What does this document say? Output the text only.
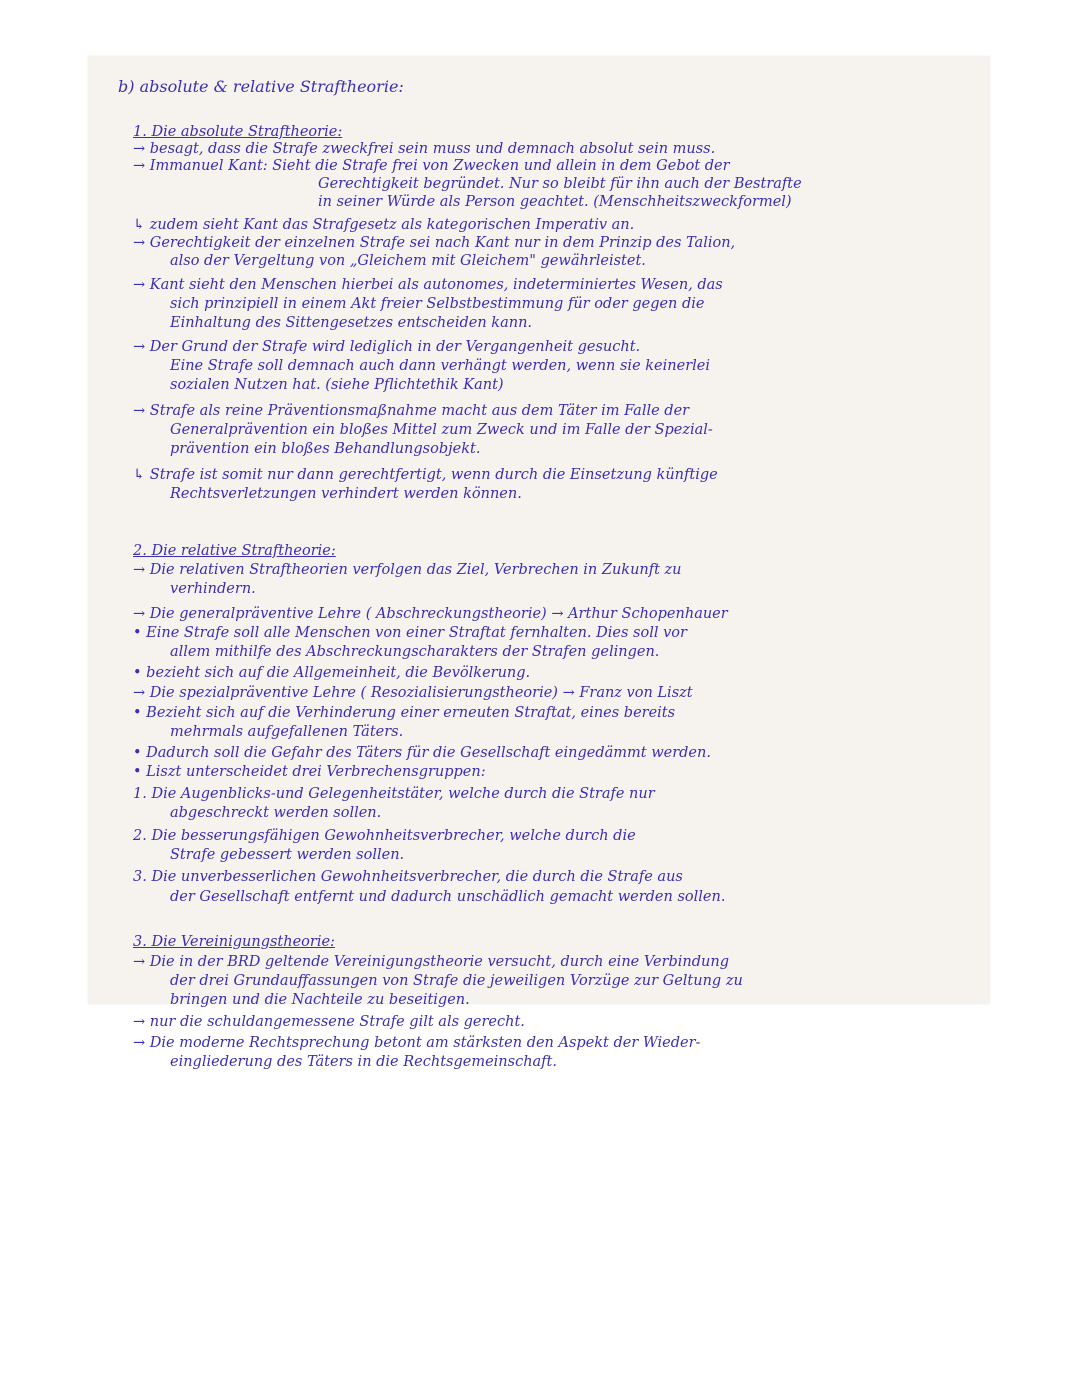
b) absolute & relative Straftheorie:
1. Die absolute Straftheorie:
→ besagt, dass die Strafe zweckfrei sein muss und demnach absolut sein muss.
→ Immanuel Kant: Sieht die Strafe frei von Zwecken und allein in dem Gebot der
Gerechtigkeit begründet. Nur so bleibt für ihn auch der Bestrafte
in seiner Würde als Person geachtet. (Menschheitszweckformel)
↳ zudem sieht Kant das Strafgesetz als kategorischen Imperativ an.
→ Gerechtigkeit der einzelnen Strafe sei nach Kant nur in dem Prinzip des Talion,
also der Vergeltung von „Gleichem mit Gleichem" gewährleistet.
→ Kant sieht den Menschen hierbei als autonomes, indeterminiertes Wesen, das
sich prinzipiell in einem Akt freier Selbstbestimmung für oder gegen die
Einhaltung des Sittengesetzes entscheiden kann.
→ Der Grund der Strafe wird lediglich in der Vergangenheit gesucht.
Eine Strafe soll demnach auch dann verhängt werden, wenn sie keinerlei
sozialen Nutzen hat. (siehe Pflichtethik Kant)
→ Strafe als reine Präventionsmaßnahme macht aus dem Täter im Falle der
Generalprävention ein bloßes Mittel zum Zweck und im Falle der Spezial-
prävention ein bloßes Behandlungsobjekt.
↳ Strafe ist somit nur dann gerechtfertigt, wenn durch die Einsetzung künftige
Rechtsverletzungen verhindert werden können.
2. Die relative Straftheorie:
→ Die relativen Straftheorien verfolgen das Ziel, Verbrechen in Zukunft zu
verhindern.
→ Die generalpräventive Lehre ( Abschreckungstheorie) → Arthur Schopenhauer
• Eine Strafe soll alle Menschen von einer Straftat fernhalten. Dies soll vor
allem mithilfe des Abschreckungscharakters der Strafen gelingen.
• bezieht sich auf die Allgemeinheit, die Bevölkerung.
→ Die spezialpräventive Lehre ( Resozialisierungstheorie) → Franz von Liszt
• Bezieht sich auf die Verhinderung einer erneuten Straftat, eines bereits
mehrmals aufgefallenen Täters.
• Dadurch soll die Gefahr des Täters für die Gesellschaft eingedämmt werden.
• Liszt unterscheidet drei Verbrechensgruppen:
1. Die Augenblicks-und Gelegenheitstäter, welche durch die Strafe nur
abgeschreckt werden sollen.
2. Die besserungsfähigen Gewohnheitsverbrecher, welche durch die
Strafe gebessert werden sollen.
3. Die unverbesserlichen Gewohnheitsverbrecher, die durch die Strafe aus
der Gesellschaft entfernt und dadurch unschädlich gemacht werden sollen.
3. Die Vereinigungstheorie:
→ Die in der BRD geltende Vereinigungstheorie versucht, durch eine Verbindung
der drei Grundauffassungen von Strafe die jeweiligen Vorzüge zur Geltung zu
bringen und die Nachteile zu beseitigen.
→ nur die schuldangemessene Strafe gilt als gerecht.
→ Die moderne Rechtsprechung betont am stärksten den Aspekt der Wieder-
eingliederung des Täters in die Rechtsgemeinschaft.
